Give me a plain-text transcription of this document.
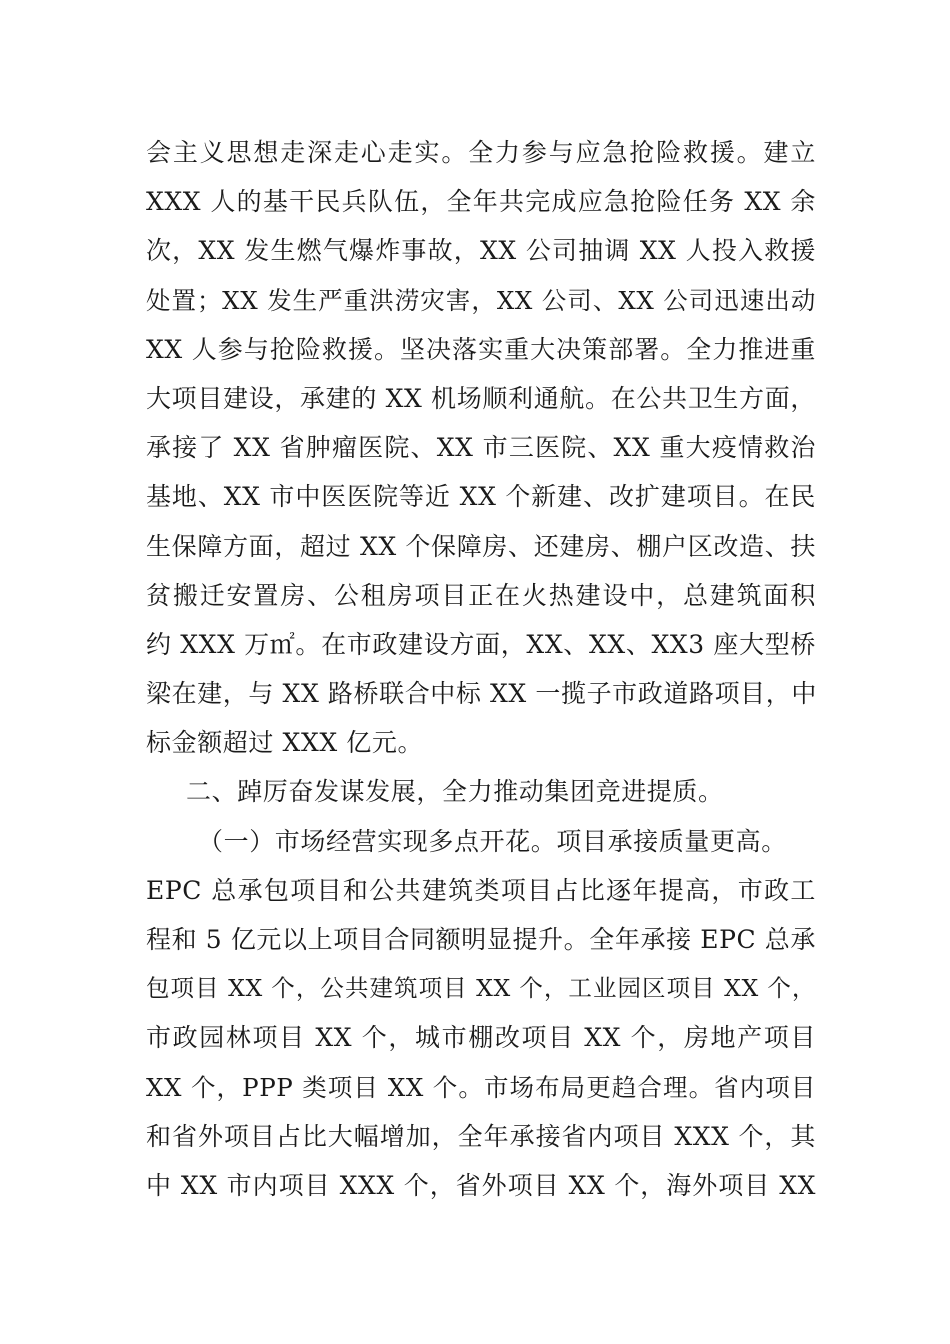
会主义思想走深走心走实。全力参与应急抢险救援。建立
XXX 人的基干民兵队伍，全年共完成应急抢险任务 XX 余
次，XX 发生燃气爆炸事故，XX 公司抽调 XX 人投入救援
处置；XX 发生严重洪涝灾害，XX 公司、XX 公司迅速出动
XX 人参与抢险救援。坚决落实重大决策部署。全力推进重
大项目建设，承建的 XX 机场顺利通航。在公共卫生方面，
承接了 XX 省肿瘤医院、XX 市三医院、XX 重大疫情救治
基地、XX 市中医医院等近 XX 个新建、改扩建项目。在民
生保障方面，超过 XX 个保障房、还建房、棚户区改造、扶
贫搬迁安置房、公租房项目正在火热建设中，总建筑面积
约 XXX 万㎡。在市政建设方面，XX、XX、XX3 座大型桥
梁在建，与 XX 路桥联合中标 XX 一揽子市政道路项目，中
标金额超过 XXX 亿元。
二、踔厉奋发谋发展，全力推动集团竞进提质。
（一）市场经营实现多点开花。项目承接质量更高。
EPC 总承包项目和公共建筑类项目占比逐年提高，市政工
程和 5 亿元以上项目合同额明显提升。全年承接 EPC 总承
包项目 XX 个，公共建筑项目 XX 个，工业园区项目 XX 个，
市政园林项目 XX 个，城市棚改项目 XX 个，房地产项目
XX 个，PPP 类项目 XX 个。市场布局更趋合理。省内项目
和省外项目占比大幅增加，全年承接省内项目 XXX 个，其
中 XX 市内项目 XXX 个，省外项目 XX 个，海外项目 XX
